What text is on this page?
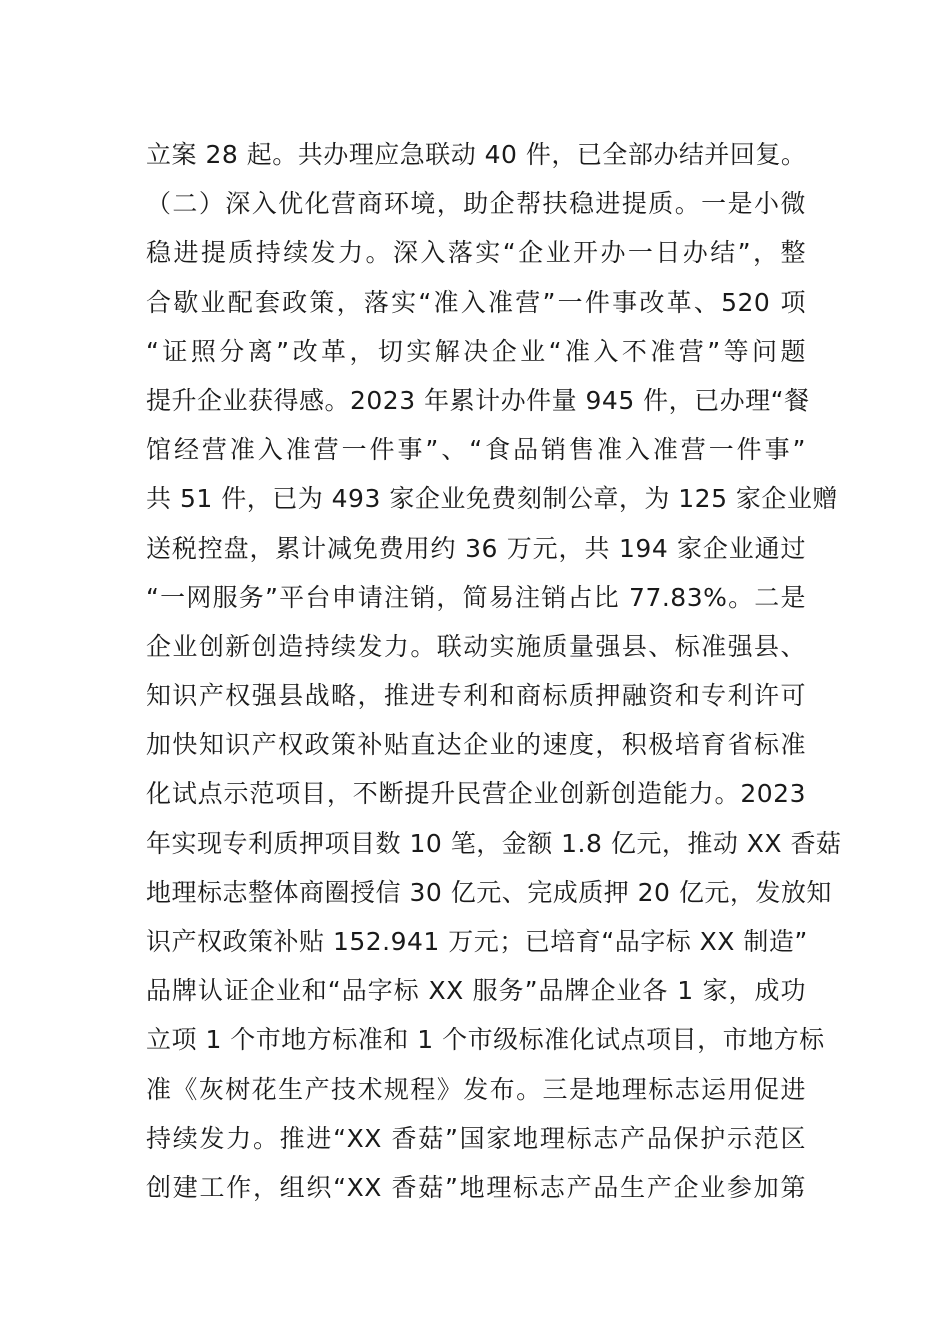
立案 28 起。共办理应急联动 40 件，已全部办结并回复。
（二）深入优化营商环境，助企帮扶稳进提质。一是小微
稳进提质持续发力。深入落实“企业开办一日办结”，整
合歇业配套政策，落实“准入准营”一件事改革、520 项
“证照分离”改革，切实解决企业“准入不准营”等问题
提升企业获得感。2023 年累计办件量 945 件，已办理“餐
馆经营准入准营一件事”、“食品销售准入准营一件事”
共 51 件，已为 493 家企业免费刻制公章，为 125 家企业赠
送税控盘，累计减免费用约 36 万元，共 194 家企业通过
“一网服务”平台申请注销，简易注销占比 77.83%。二是
企业创新创造持续发力。联动实施质量强县、标准强县、
知识产权强县战略，推进专利和商标质押融资和专利许可
加快知识产权政策补贴直达企业的速度，积极培育省标准
化试点示范项目，不断提升民营企业创新创造能力。2023
年实现专利质押项目数 10 笔，金额 1.8 亿元，推动 XX 香菇
地理标志整体商圈授信 30 亿元、完成质押 20 亿元，发放知
识产权政策补贴 152.941 万元；已培育“品字标 XX 制造”
品牌认证企业和“品字标 XX 服务”品牌企业各 1 家，成功
立项 1 个市地方标准和 1 个市级标准化试点项目，市地方标
准《灰树花生产技术规程》发布。三是地理标志运用促进
持续发力。推进“XX 香菇”国家地理标志产品保护示范区
创建工作，组织“XX 香菇”地理标志产品生产企业参加第
